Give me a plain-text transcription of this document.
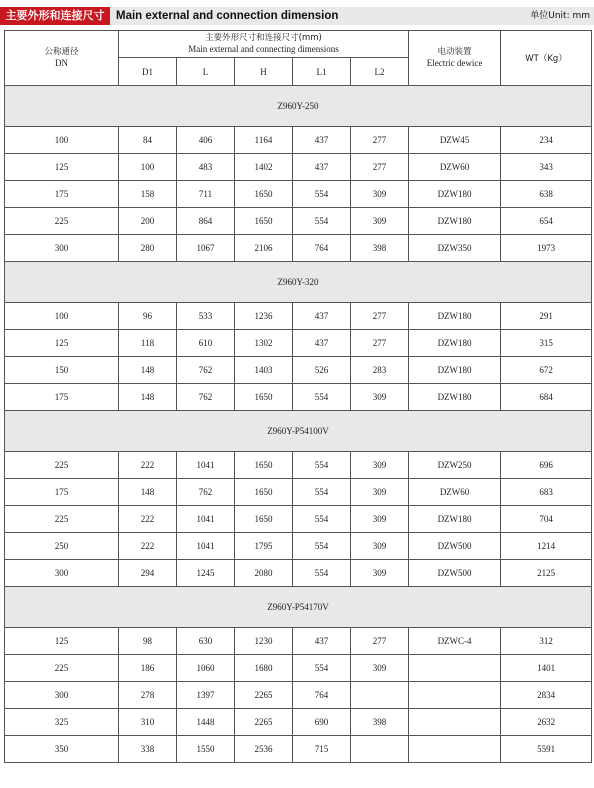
主要外形和连接尺寸	Main external and connection dimension	单位Unit: mm
公称通径
DN	主要外形尺寸和连接尺寸(mm)
Main external and connecting dimensions					电动装置
Electric dewice	WT（Kg）
	D1	L	H	L1	L2		
Z960Y-250							
100	84	406	1164	437	277	DZW45	234
125	100	483	1402	437	277	DZW60	343
175	158	711	1650	554	309	DZW180	638
225	200	864	1650	554	309	DZW180	654
300	280	1067	2106	764	398	DZW350	1973
Z960Y-320							
100	96	533	1236	437	277	DZW180	291
125	118	610	1302	437	277	DZW180	315
150	148	762	1403	526	283	DZW180	672
175	148	762	1650	554	309	DZW180	684
Z960Y-P54100V							
225	222	1041	1650	554	309	DZW250	696
175	148	762	1650	554	309	DZW60	683
225	222	1041	1650	554	309	DZW180	704
250	222	1041	1795	554	309	DZW500	1214
300	294	1245	2080	554	309	DZW500	2125
Z960Y-P54170V							
125	98	630	1230	437	277	DZWC-4	312
225	186	1060	1680	554	309		1401
300	278	1397	2265	764			2834
325	310	1448	2265	690	398		2632
350	338	1550	2536	715			5591
